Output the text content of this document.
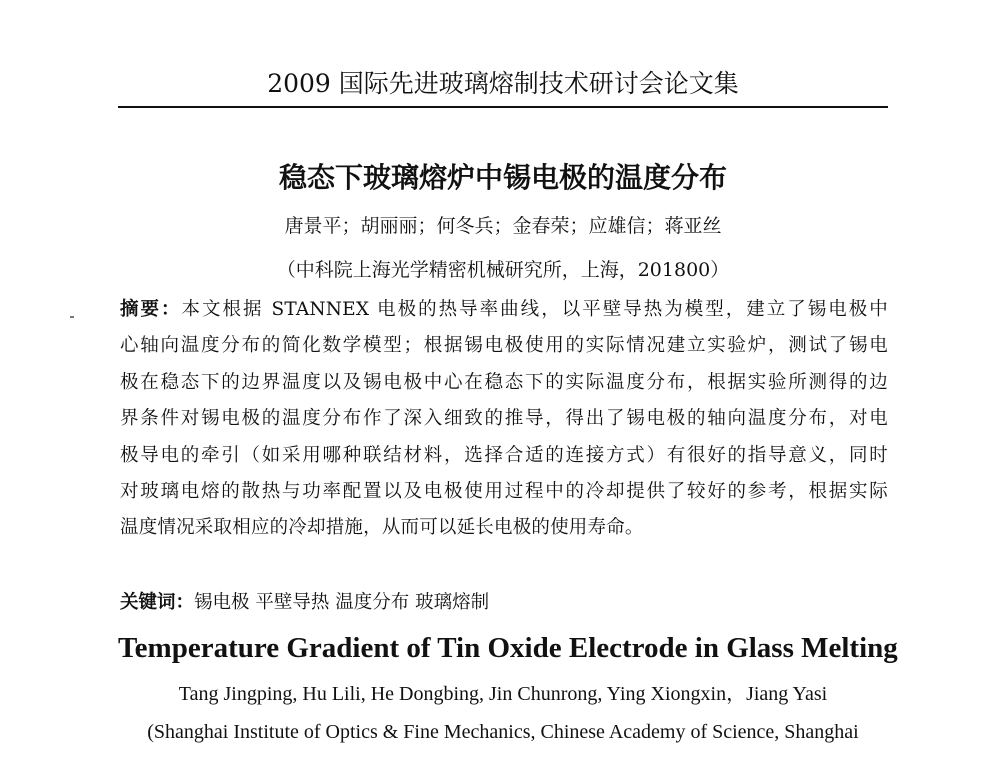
2009 国际先进玻璃熔制技术研讨会论文集
稳态下玻璃熔炉中锡电极的温度分布
唐景平；胡丽丽；何冬兵；金春荣；应雄信；蒋亚丝
（中科院上海光学精密机械研究所，上海，201800）
摘要：本文根据 STANNEX 电极的热导率曲线，以平壁导热为模型，建立了锡电极中
心轴向温度分布的简化数学模型；根据锡电极使用的实际情况建立实验炉，测试了锡电
极在稳态下的边界温度以及锡电极中心在稳态下的实际温度分布，根据实验所测得的边
界条件对锡电极的温度分布作了深入细致的推导，得出了锡电极的轴向温度分布，对电
极导电的牵引（如采用哪种联结材料，选择合适的连接方式）有很好的指导意义，同时
对玻璃电熔的散热与功率配置以及电极使用过程中的冷却提供了较好的参考，根据实际
温度情况采取相应的冷却措施，从而可以延长电极的使用寿命。
关键词：锡电极 平壁导热 温度分布 玻璃熔制
Temperature Gradient of Tin Oxide Electrode in Glass Melting
Tang Jingping, Hu Lili, He Dongbing, Jin Chunrong, Ying Xiongxin，Jiang Yasi
(Shanghai Institute of Optics & Fine Mechanics, Chinese Academy of Science, Shanghai
